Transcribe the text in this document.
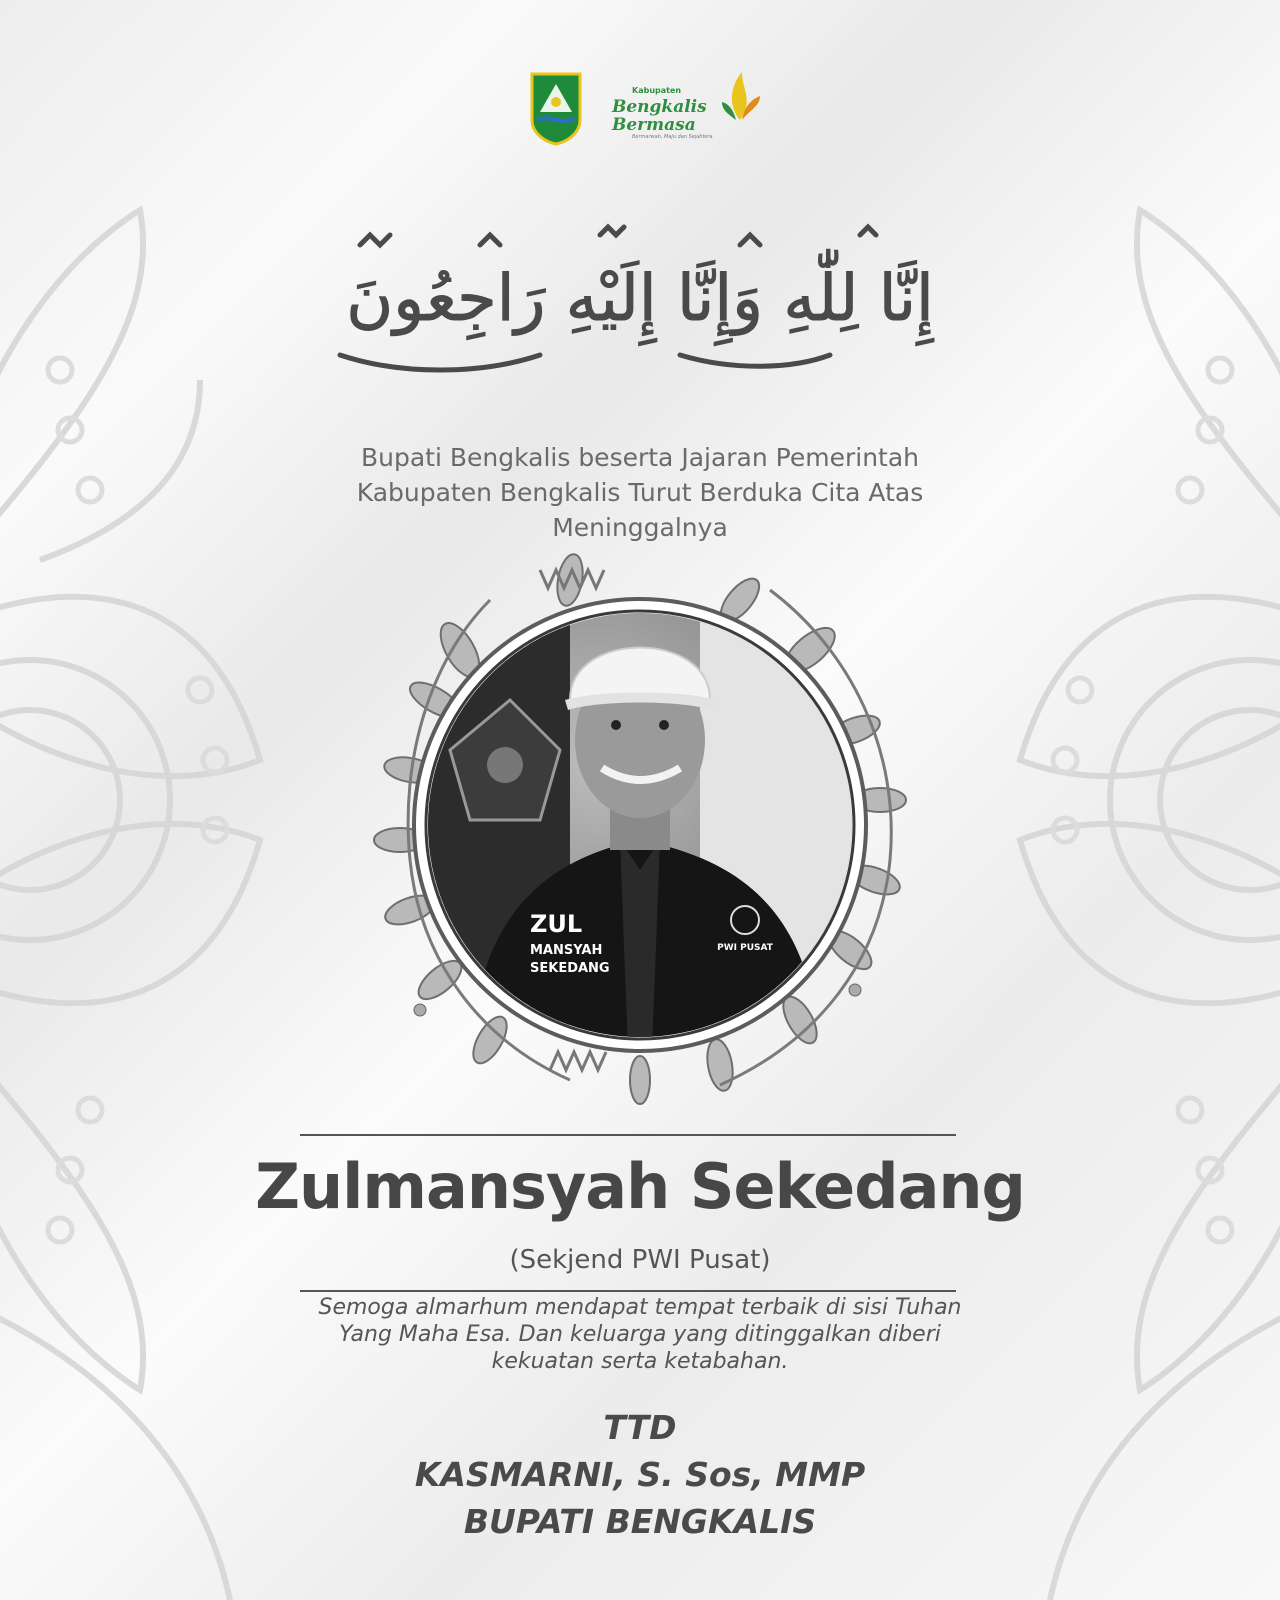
Kabupaten
Bengkalis Bermasa
Bermarwah, Maju dan Sejahtera
إِنَّا لِلّٰهِ وَإِنَّا إِلَيْهِ رَاجِعُونَ
Bupati Bengkalis beserta Jajaran Pemerintah
Kabupaten Bengkalis Turut Berduka Cita Atas
Meninggalnya
ZUL
MANSYAH
SEKEDANG
PWI PUSAT
Zulmansyah Sekedang
(Sekjend PWI Pusat)
Semoga almarhum mendapat tempat terbaik di sisi Tuhan
Yang Maha Esa. Dan keluarga yang ditinggalkan diberi
kekuatan serta ketabahan.
TTD
KASMARNI, S. Sos, MMP
BUPATI BENGKALIS
